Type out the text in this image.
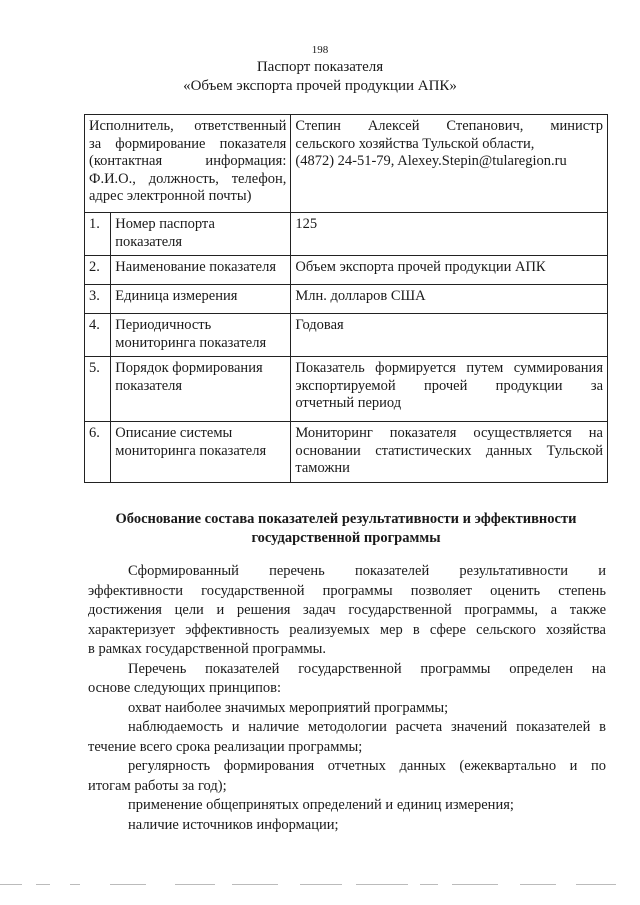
198
Паспорт показателя
«Объем экспорта прочей продукции АПК»
Исполнитель, ответственный
за формирование показателя
(контактная информация:
Ф.И.О., должность, телефон,
адрес электронной почты)		Степин Алексей Степанович, министр
сельского хозяйства Тульской области,
(4872) 24-51-79, Alexey.Stepin@tularegion.ru

1.	Номер паспорта
показателя	125

2.	Наименование показателя	Объем экспорта прочей продукции АПК

3.	Единица измерения	Млн. долларов США

4.	Периодичность
мониторинга показателя	Годовая

5.	Порядок формирования
показателя	Показатель формируется путем суммирования
экспортируемой прочей продукции за
отчетный период

6.	Описание системы
мониторинга показателя	Мониторинг показателя осуществляется на
основании статистических данных Тульской
таможни
Обоснование состава показателей результативности и эффективности
государственной программы
Сформированный перечень показателей результативности и
эффективности государственной программы позволяет оценить степень
достижения цели и решения задач государственной программы, а также
характеризует эффективность реализуемых мер в сфере сельского хозяйства
в рамках государственной программы.
Перечень показателей государственной программы определен на
основе следующих принципов:
охват наиболее значимых мероприятий программы;
наблюдаемость и наличие методологии расчета значений показателей в
течение всего срока реализации программы;
регулярность формирования отчетных данных (ежеквартально и по
итогам работы за год);
применение общепринятых определений и единиц измерения;
наличие источников информации;
